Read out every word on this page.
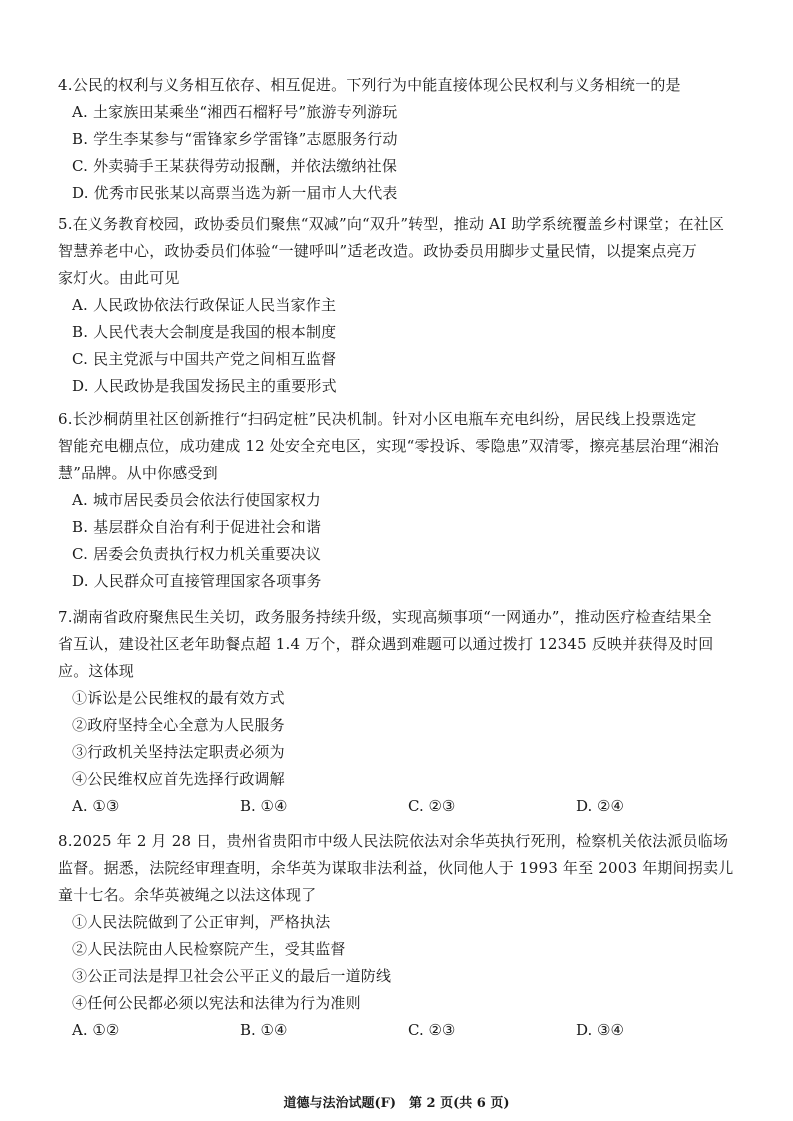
4.公民的权利与义务相互依存、相互促进。下列行为中能直接体现公民权利与义务相统一的是
A. 土家族田某乘坐“湘西石榴籽号”旅游专列游玩
B. 学生李某参与“雷锋家乡学雷锋”志愿服务行动
C. 外卖骑手王某获得劳动报酬，并依法缴纳社保
D. 优秀市民张某以高票当选为新一届市人大代表
5.在义务教育校园，政协委员们聚焦“双减”向“双升”转型，推动 AI 助学系统覆盖乡村课堂；在社区
智慧养老中心，政协委员们体验“一键呼叫”适老改造。政协委员用脚步丈量民情，以提案点亮万
家灯火。由此可见
A. 人民政协依法行政保证人民当家作主
B. 人民代表大会制度是我国的根本制度
C. 民主党派与中国共产党之间相互监督
D. 人民政协是我国发扬民主的重要形式
6.长沙桐荫里社区创新推行“扫码定桩”民决机制。针对小区电瓶车充电纠纷，居民线上投票选定
智能充电棚点位，成功建成 12 处安全充电区，实现“零投诉、零隐患”双清零，擦亮基层治理“湘治
慧”品牌。从中你感受到
A. 城市居民委员会依法行使国家权力
B. 基层群众自治有利于促进社会和谐
C. 居委会负责执行权力机关重要决议
D. 人民群众可直接管理国家各项事务
7.湖南省政府聚焦民生关切，政务服务持续升级，实现高频事项“一网通办”，推动医疗检查结果全
省互认，建设社区老年助餐点超 1.4 万个，群众遇到难题可以通过拨打 12345 反映并获得及时回
应。这体现
①诉讼是公民维权的最有效方式
②政府坚持全心全意为人民服务
③行政机关坚持法定职责必须为
④公民维权应首先选择行政调解
A. ①③	B. ①④	C. ②③	D. ②④
8.2025 年 2 月 28 日，贵州省贵阳市中级人民法院依法对余华英执行死刑，检察机关依法派员临场
监督。据悉，法院经审理查明，余华英为谋取非法利益，伙同他人于 1993 年至 2003 年期间拐卖儿
童十七名。余华英被绳之以法这体现了
①人民法院做到了公正审判，严格执法
②人民法院由人民检察院产生，受其监督
③公正司法是捍卫社会公平正义的最后一道防线
④任何公民都必须以宪法和法律为行为准则
A. ①②	B. ①④	C. ②③	D. ③④
道德与法治试题(F)　第 2 页(共 6 页)
